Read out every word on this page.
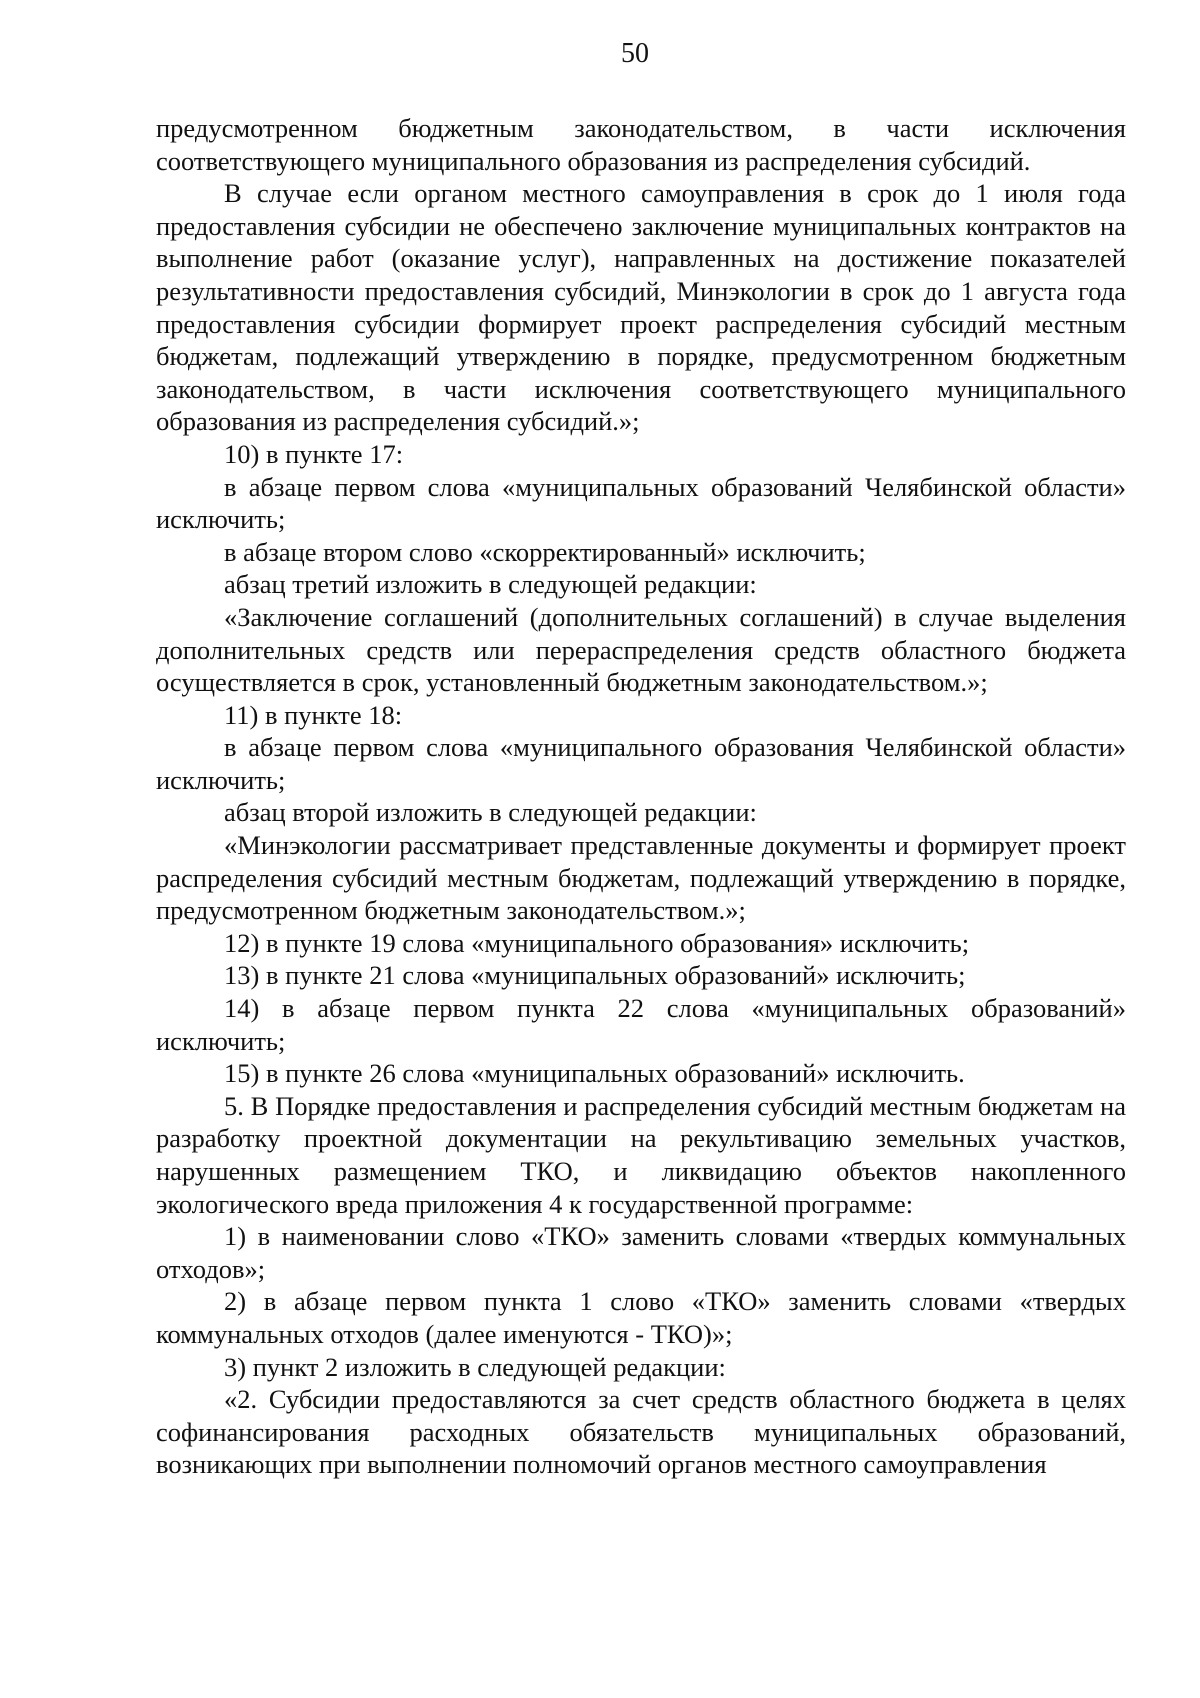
50

предусмотренном бюджетным законодательством, в части исключения соответствующего муниципального образования из распределения субсидий.

В случае если органом местного самоуправления в срок до 1 июля года предоставления субсидии не обеспечено заключение муниципальных контрактов на выполнение работ (оказание услуг), направленных на достижение показателей результативности предоставления субсидий, Минэкологии в срок до 1 августа года предоставления субсидии формирует проект распределения субсидий местным бюджетам, подлежащий утверждению в порядке, предусмотренном бюджетным законодательством, в части исключения соответствующего муниципального образования из распределения субсидий.»;

10) в пункте 17:

в абзаце первом слова «муниципальных образований Челябинской области» исключить;

в абзаце втором слово «скорректированный» исключить;

абзац третий изложить в следующей редакции:

«Заключение соглашений (дополнительных соглашений) в случае выделения дополнительных средств или перераспределения средств областного бюджета осуществляется в срок, установленный бюджетным законодательством.»;

11) в пункте 18:

в абзаце первом слова «муниципального образования Челябинской области» исключить;

абзац второй изложить в следующей редакции:

«Минэкологии рассматривает представленные документы и формирует проект распределения субсидий местным бюджетам, подлежащий утверждению в порядке, предусмотренном бюджетным законодательством.»;

12) в пункте 19 слова «муниципального образования» исключить;

13) в пункте 21 слова «муниципальных образований» исключить;

14) в абзаце первом пункта 22 слова «муниципальных образований» исключить;

15) в пункте 26 слова «муниципальных образований» исключить.

5. В Порядке предоставления и распределения субсидий местным бюджетам на разработку проектной документации на рекультивацию земельных участков, нарушенных размещением ТКО, и ликвидацию объектов накопленного экологического вреда приложения 4 к государственной программе:

1) в наименовании слово «ТКО» заменить словами «твердых коммунальных отходов»;

2) в абзаце первом пункта 1 слово «ТКО» заменить словами «твердых коммунальных отходов (далее именуются - ТКО)»;

3) пункт 2 изложить в следующей редакции:

«2. Субсидии предоставляются за счет средств областного бюджета в целях софинансирования расходных обязательств муниципальных образований, возникающих при выполнении полномочий органов местного самоуправления
